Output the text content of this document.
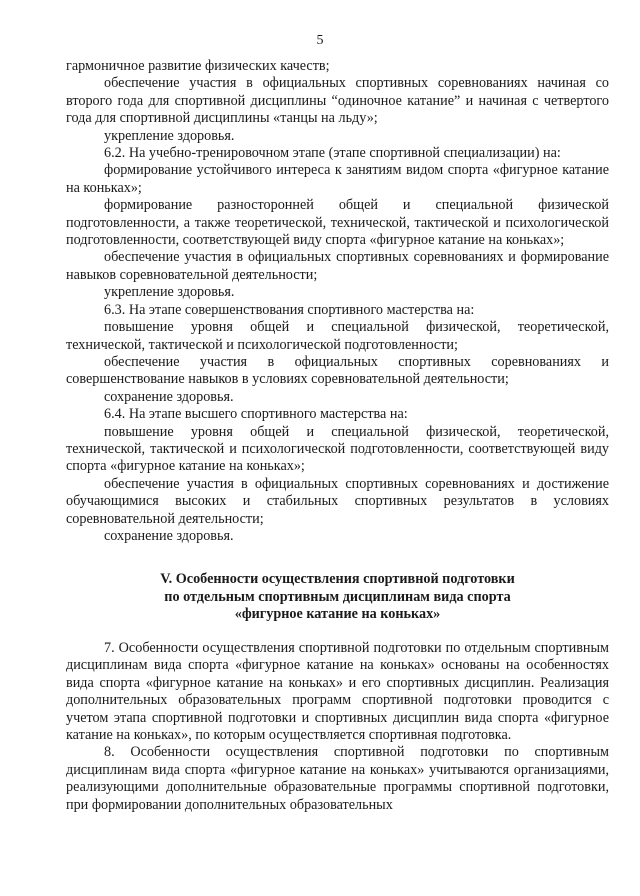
5

гармоничное развитие физических качеств;

обеспечение участия в официальных спортивных соревнованиях начиная со второго года для спортивной дисциплины “одиночное катание” и начиная с четвертого года для спортивной дисциплины «танцы на льду»;

укрепление здоровья.

6.2. На учебно-тренировочном этапе (этапе спортивной специализации) на:

формирование устойчивого интереса к занятиям видом спорта «фигурное катание на коньках»;

формирование разносторонней общей и специальной физической подготовленности, а также теоретической, технической, тактической и психологической подготовленности, соответствующей виду спорта «фигурное катание на коньках»;

обеспечение участия в официальных спортивных соревнованиях и формирование навыков соревновательной деятельности;

укрепление здоровья.

6.3. На этапе совершенствования спортивного мастерства на:

повышение уровня общей и специальной физической, теоретической, технической, тактической и психологической подготовленности;

обеспечение участия в официальных спортивных соревнованиях и совершенствование навыков в условиях соревновательной деятельности;

сохранение здоровья.

6.4. На этапе высшего спортивного мастерства на:

повышение уровня общей и специальной физической, теоретической, технической, тактической и психологической подготовленности, соответствующей виду спорта «фигурное катание на коньках»;

обеспечение участия в официальных спортивных соревнованиях и достижение обучающимися высоких и стабильных спортивных результатов в условиях соревновательной деятельности;

сохранение здоровья.

V. Особенности осуществления спортивной подготовки
по отдельным спортивным дисциплинам вида спорта
«фигурное катание на коньках»

7. Особенности осуществления спортивной подготовки по отдельным спортивным дисциплинам вида спорта «фигурное катание на коньках» основаны на особенностях вида спорта «фигурное катание на коньках» и его спортивных дисциплин. Реализация дополнительных образовательных программ спортивной подготовки проводится с учетом этапа спортивной подготовки и спортивных дисциплин вида спорта «фигурное катание на коньках», по которым осуществляется спортивная подготовка.

8. Особенности осуществления спортивной подготовки по спортивным дисциплинам вида спорта «фигурное катание на коньках» учитываются организациями, реализующими дополнительные образовательные программы спортивной подготовки, при формировании дополнительных образовательных
